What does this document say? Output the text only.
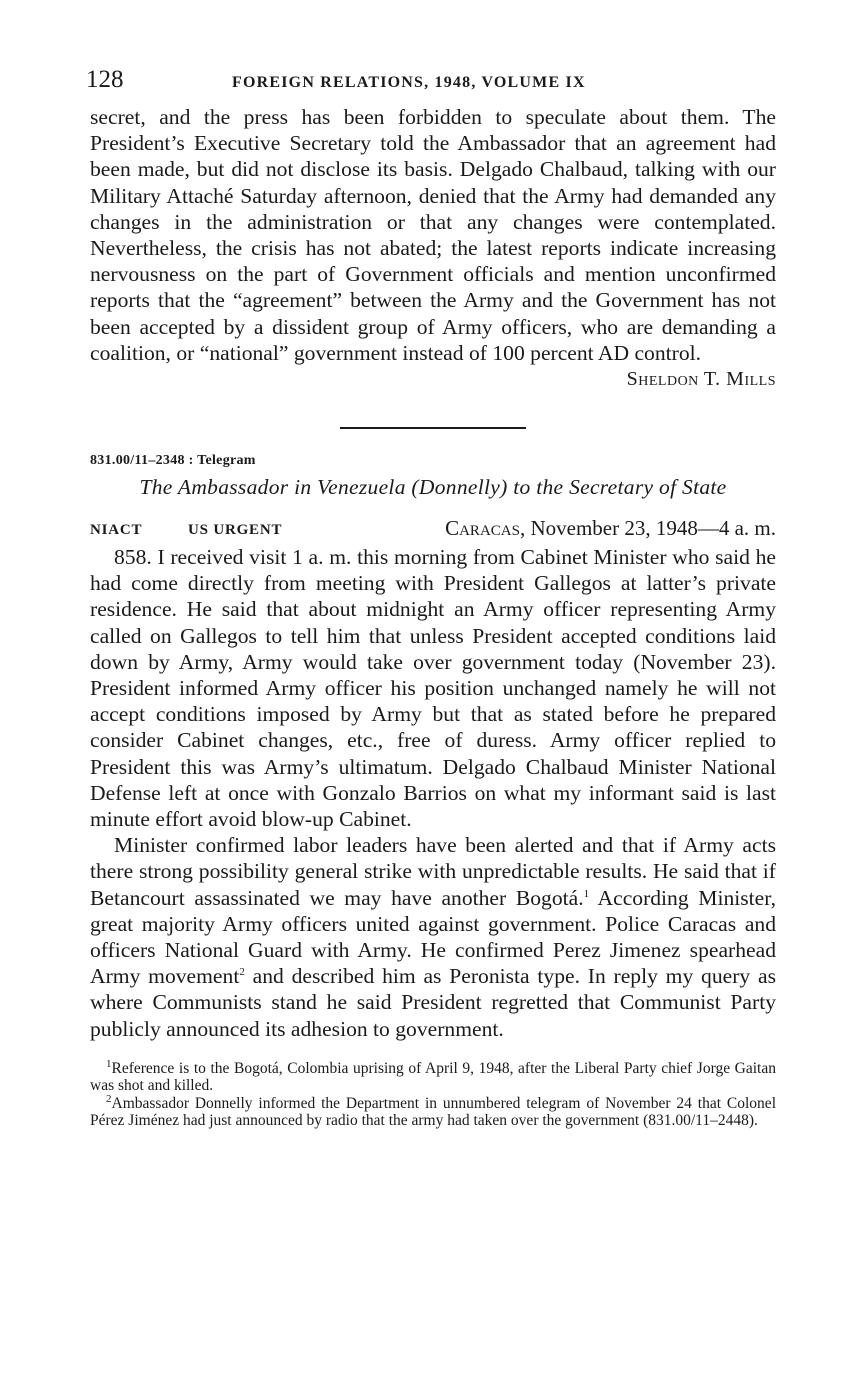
128	FOREIGN RELATIONS, 1948, VOLUME IX

secret, and the press has been forbidden to speculate about them. The President’s Executive Secretary told the Ambassador that an agreement had been made, but did not disclose its basis. Delgado Chalbaud, talking with our Military Attaché Saturday afternoon, denied that the Army had demanded any changes in the administration or that any changes were contemplated. Nevertheless, the crisis has not abated; the latest reports indicate increasing nervousness on the part of Government officials and mention unconfirmed reports that the “agreement” between the Army and the Government has not been accepted by a dissident group of Army officers, who are demanding a coalition, or “national” government instead of 100 percent AD control.

Sheldon T. Mills
831.00/11–2348 : Telegram
The Ambassador in Venezuela (Donnelly) to the Secretary of State
NIACT	US URGENT	Caracas, November 23, 1948—4 a. m.

858. I received visit 1 a. m. this morning from Cabinet Minister who said he had come directly from meeting with President Gallegos at latter’s private residence. He said that about midnight an Army officer representing Army called on Gallegos to tell him that unless President accepted conditions laid down by Army, Army would take over government today (November 23). President informed Army officer his position unchanged namely he will not accept conditions imposed by Army but that as stated before he prepared consider Cabinet changes, etc., free of duress. Army officer replied to President this was Army’s ultimatum. Delgado Chalbaud Minister National Defense left at once with Gonzalo Barrios on what my informant said is last minute effort avoid blow-up Cabinet.

Minister confirmed labor leaders have been alerted and that if Army acts there strong possibility general strike with unpredictable results. He said that if Betancourt assassinated we may have another Bogotá.$^1$ According Minister, great majority Army officers united against government. Police Caracas and officers National Guard with Army. He confirmed Perez Jimenez spearhead Army movement$^2$ and described him as Peronista type. In reply my query as where Communists stand he said President regretted that Communist Party publicly announced its adhesion to government.

$^1$Reference is to the Bogotá, Colombia uprising of April 9, 1948, after the Liberal Party chief Jorge Gaitan was shot and killed.

$^2$Ambassador Donnelly informed the Department in unnumbered telegram of November 24 that Colonel Pérez Jiménez had just announced by radio that the army had taken over the government (831.00/11–2448).
